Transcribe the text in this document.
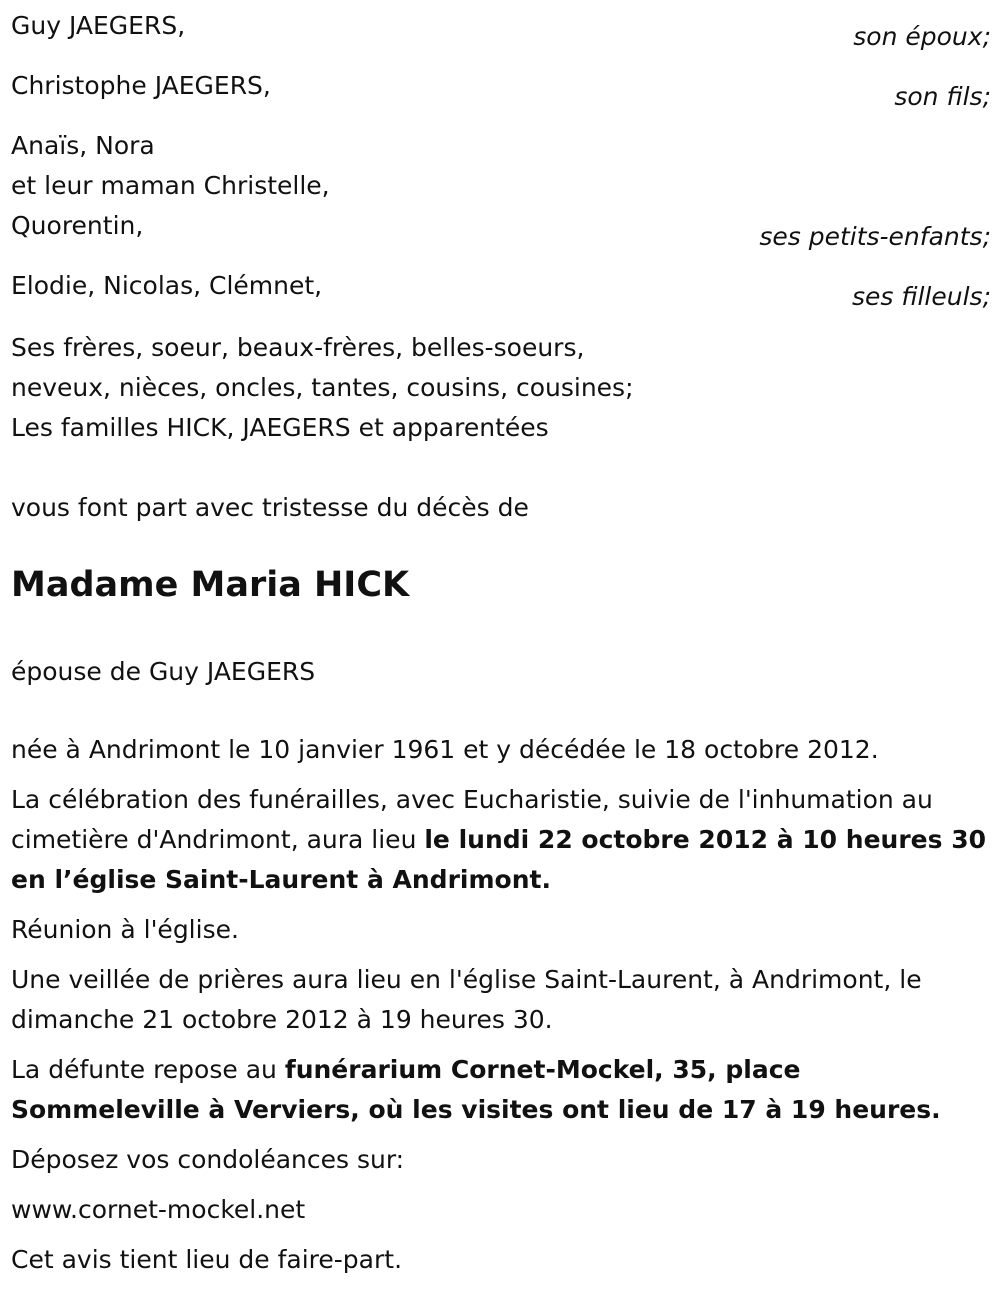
Guy JAEGERS,	son époux;
Christophe JAEGERS,	son fils;
Anaïs, Nora
et leur maman Christelle,
Quorentin,	ses petits-enfants;
Elodie, Nicolas, Clémnet,	ses filleuls;
Ses frères, soeur, beaux-frères, belles-soeurs,
neveux, nièces, oncles, tantes, cousins, cousines;
Les familles HICK, JAEGERS et apparentées
vous font part avec tristesse du décès de
Madame Maria HICK
épouse de Guy JAEGERS
née à Andrimont le 10 janvier 1961 et y décédée le 18 octobre 2012.
La célébration des funérailles, avec Eucharistie, suivie de l'inhumation au cimetière d'Andrimont, aura lieu le lundi 22 octobre 2012 à 10 heures 30 en l’église Saint-Laurent à Andrimont.
Réunion à l'église.
Une veillée de prières aura lieu en l'église Saint-Laurent, à Andrimont, le dimanche 21 octobre 2012 à 19 heures 30.
La défunte repose au funérarium Cornet-Mockel, 35, place Sommeleville à Verviers, où les visites ont lieu de 17 à 19 heures.
Déposez vos condoléances sur:
www.cornet-mockel.net
Cet avis tient lieu de faire-part.
